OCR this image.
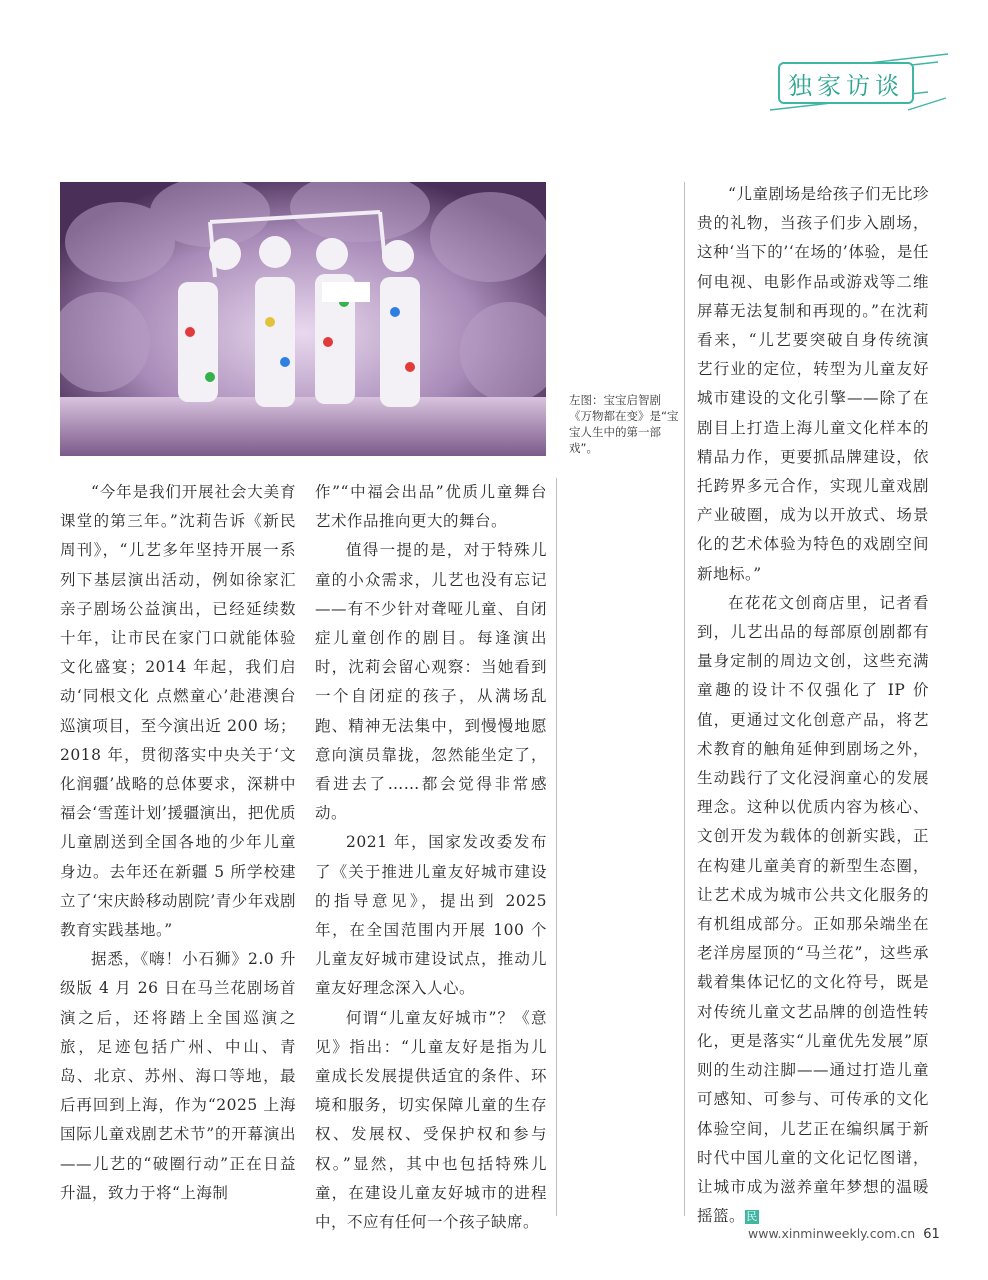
独家访谈
左图：宝宝启智剧《万物都在变》是“宝宝人生中的第一部戏”。

“今年是我们开展社会大美育课堂的第三年。”沈莉告诉《新民周刊》，“儿艺多年坚持开展一系列下基层演出活动，例如徐家汇亲子剧场公益演出，已经延续数十年，让市民在家门口就能体验文化盛宴；2014 年起，我们启动‘同根文化 点燃童心’赴港澳台巡演项目，至今演出近 200 场；2018 年，贯彻落实中央关于‘文化润疆’战略的总体要求，深耕中福会‘雪莲计划’援疆演出，把优质儿童剧送到全国各地的少年儿童身边。去年还在新疆 5 所学校建立了‘宋庆龄移动剧院’青少年戏剧教育实践基地。”

据悉，《嗨！小石狮》2.0 升级版 4 月 26 日在马兰花剧场首演之后，还将踏上全国巡演之旅，足迹包括广州、中山、青岛、北京、苏州、海口等地，最后再回到上海，作为“2025 上海国际儿童戏剧艺术节”的开幕演出——儿艺的“破圈行动”正在日益升温，致力于将“上海制

作”“中福会出品”优质儿童舞台艺术作品推向更大的舞台。

值得一提的是，对于特殊儿童的小众需求，儿艺也没有忘记——有不少针对聋哑儿童、自闭症儿童创作的剧目。每逢演出时，沈莉会留心观察：当她看到一个自闭症的孩子，从满场乱跑、精神无法集中，到慢慢地愿意向演员靠拢，忽然能坐定了，看进去了……都会觉得非常感动。

2021 年，国家发改委发布了《关于推进儿童友好城市建设的指导意见》，提出到 2025 年，在全国范围内开展 100 个儿童友好城市建设试点，推动儿童友好理念深入人心。

何谓“儿童友好城市”？《意见》指出：“儿童友好是指为儿童成长发展提供适宜的条件、环境和服务，切实保障儿童的生存权、发展权、受保护权和参与权。”显然，其中也包括特殊儿童，在建设儿童友好城市的进程中，不应有任何一个孩子缺席。

“儿童剧场是给孩子们无比珍贵的礼物，当孩子们步入剧场，这种‘当下的’‘在场的’体验，是任何电视、电影作品或游戏等二维屏幕无法复制和再现的。”在沈莉看来，“儿艺要突破自身传统演艺行业的定位，转型为儿童友好城市建设的文化引擎——除了在剧目上打造上海儿童文化样本的精品力作，更要抓品牌建设，依托跨界多元合作，实现儿童戏剧产业破圈，成为以开放式、场景化的艺术体验为特色的戏剧空间新地标。”

在花花文创商店里，记者看到，儿艺出品的每部原创剧都有量身定制的周边文创，这些充满童趣的设计不仅强化了 IP 价值，更通过文化创意产品，将艺术教育的触角延伸到剧场之外，生动践行了文化浸润童心的发展理念。这种以优质内容为核心、文创开发为载体的创新实践，正在构建儿童美育的新型生态圈，让艺术成为城市公共文化服务的有机组成部分。正如那朵端坐在老洋房屋顶的“马兰花”，这些承载着集体记忆的文化符号，既是对传统儿童文艺品牌的创造性转化，更是落实“儿童优先发展”原则的生动注脚——通过打造儿童可感知、可参与、可传承的文化体验空间，儿艺正在编织属于新时代中国儿童的文化记忆图谱，让城市成为滋养童年梦想的温暖摇篮。民

www.xinminweekly.com.cn 61
